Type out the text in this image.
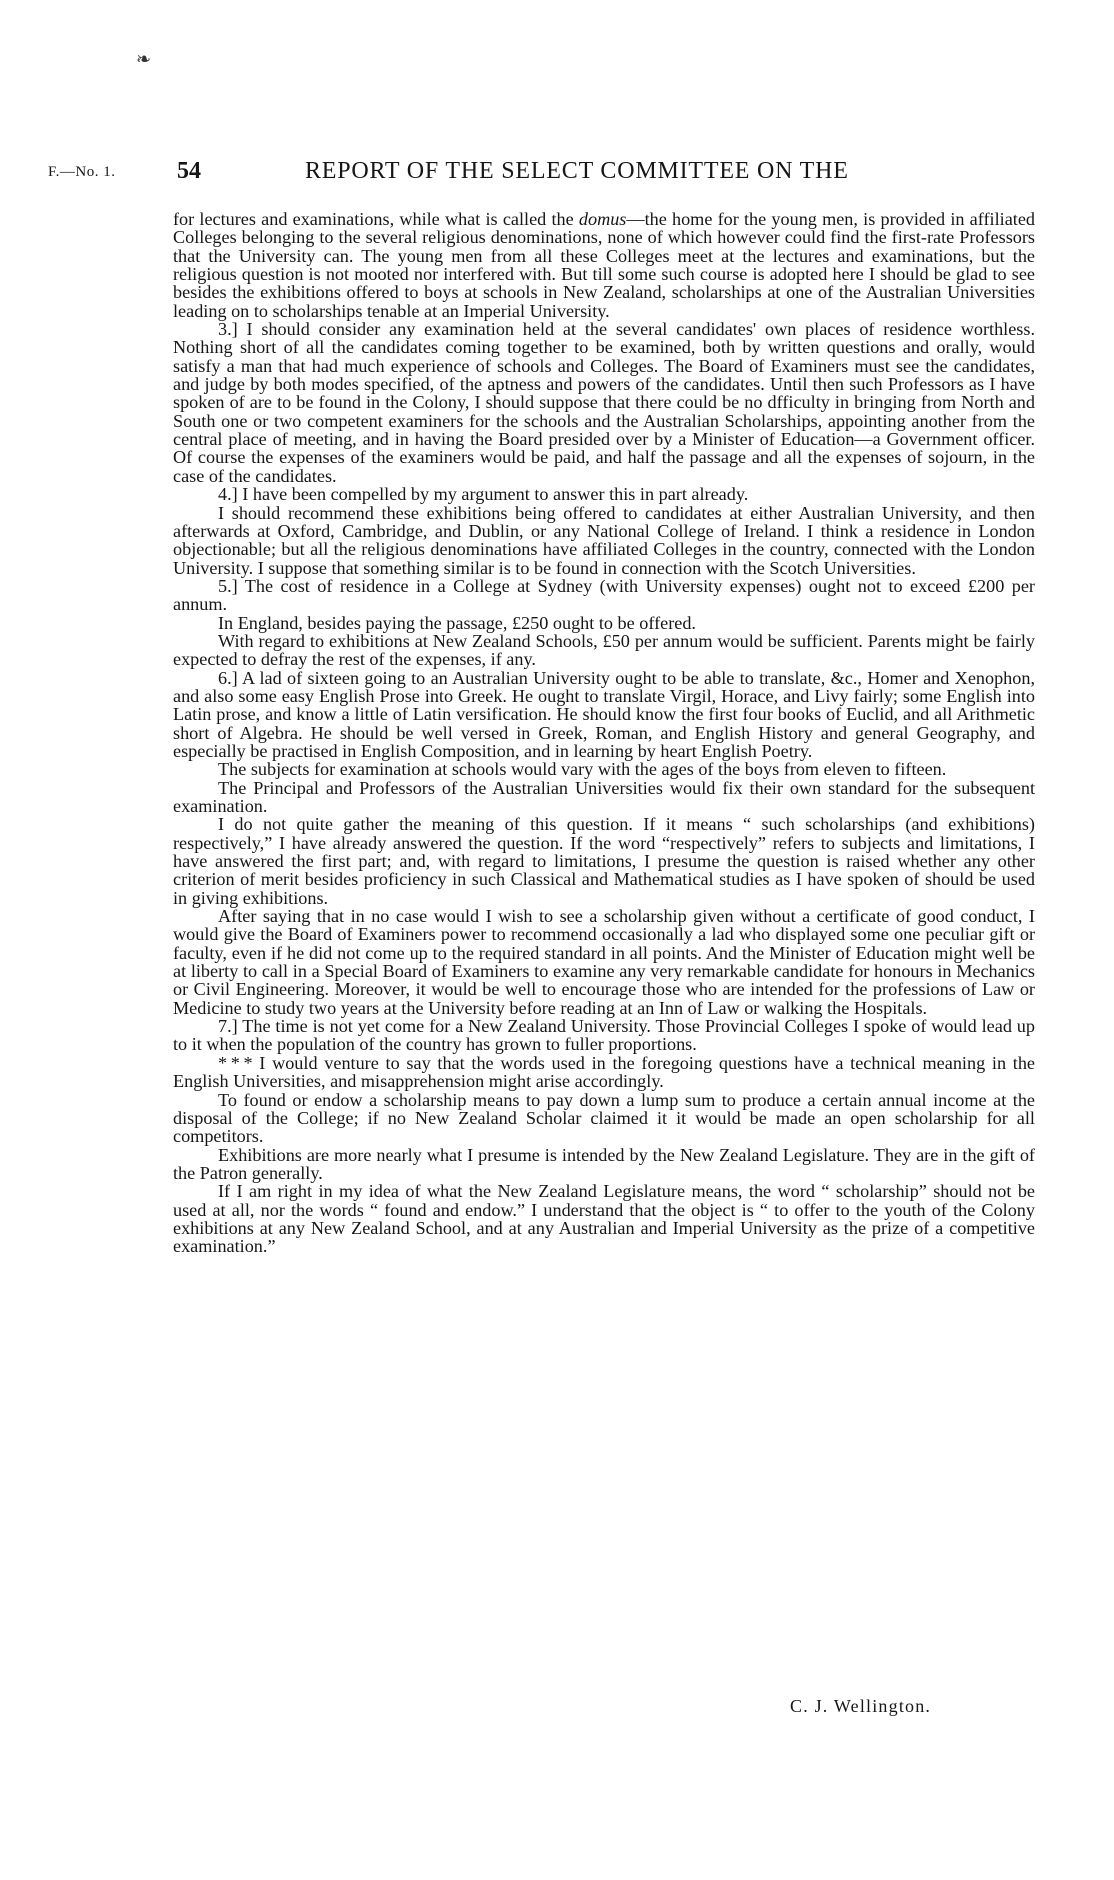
❧
F.—No. 1.	54	REPORT OF THE SELECT COMMITTEE ON THE

for lectures and examinations, while what is called the domus—the home for the young men, is provided in affiliated Colleges belonging to the several religious denominations, none of which however could find the first-rate Professors that the University can. The young men from all these Colleges meet at the lectures and examinations, but the religious question is not mooted nor interfered with. But till some such course is adopted here I should be glad to see besides the exhibitions offered to boys at schools in New Zealand, scholarships at one of the Australian Universities leading on to scholarships tenable at an Imperial University.

3.] I should consider any examination held at the several candidates' own places of residence worthless. Nothing short of all the candidates coming together to be examined, both by written questions and orally, would satisfy a man that had much experience of schools and Colleges. The Board of Examiners must see the candidates, and judge by both modes specified, of the aptness and powers of the candidates. Until then such Professors as I have spoken of are to be found in the Colony, I should suppose that there could be no dfficulty in bringing from North and South one or two competent examiners for the schools and the Australian Scholarships, appointing another from the central place of meeting, and in having the Board presided over by a Minister of Education—a Government officer. Of course the expenses of the examiners would be paid, and half the passage and all the expenses of sojourn, in the case of the candidates.

4.] I have been compelled by my argument to answer this in part already.

I should recommend these exhibitions being offered to candidates at either Australian University, and then afterwards at Oxford, Cambridge, and Dublin, or any National College of Ireland. I think a residence in London objectionable; but all the religious denominations have affiliated Colleges in the country, connected with the London University. I suppose that something similar is to be found in connection with the Scotch Universities.

5.] The cost of residence in a College at Sydney (with University expenses) ought not to exceed £200 per annum.

In England, besides paying the passage, £250 ought to be offered.

With regard to exhibitions at New Zealand Schools, £50 per annum would be sufficient. Parents might be fairly expected to defray the rest of the expenses, if any.

6.] A lad of sixteen going to an Australian University ought to be able to translate, &c., Homer and Xenophon, and also some easy English Prose into Greek. He ought to translate Virgil, Horace, and Livy fairly; some English into Latin prose, and know a little of Latin versification. He should know the first four books of Euclid, and all Arithmetic short of Algebra. He should be well versed in Greek, Roman, and English History and general Geography, and especially be practised in English Composition, and in learning by heart English Poetry.

The subjects for examination at schools would vary with the ages of the boys from eleven to fifteen.

The Principal and Professors of the Australian Universities would fix their own standard for the subsequent examination.

I do not quite gather the meaning of this question. If it means “ such scholarships (and exhibitions) respectively,” I have already answered the question. If the word “respectively” refers to subjects and limitations, I have answered the first part; and, with regard to limitations, I presume the question is raised whether any other criterion of merit besides proficiency in such Classical and Mathematical studies as I have spoken of should be used in giving exhibitions.

After saying that in no case would I wish to see a scholarship given without a certificate of good conduct, I would give the Board of Examiners power to recommend occasionally a lad who displayed some one peculiar gift or faculty, even if he did not come up to the required standard in all points. And the Minister of Education might well be at liberty to call in a Special Board of Examiners to examine any very remarkable candidate for honours in Mechanics or Civil Engineering. Moreover, it would be well to encourage those who are intended for the professions of Law or Medicine to study two years at the University before reading at an Inn of Law or walking the Hospitals.

7.] The time is not yet come for a New Zealand University. Those Provincial Colleges I spoke of would lead up to it when the population of the country has grown to fuller proportions.

* * * I would venture to say that the words used in the foregoing questions have a technical meaning in the English Universities, and misapprehension might arise accordingly.

To found or endow a scholarship means to pay down a lump sum to produce a certain annual income at the disposal of the College; if no New Zealand Scholar claimed it it would be made an open scholarship for all competitors.

Exhibitions are more nearly what I presume is intended by the New Zealand Legislature. They are in the gift of the Patron generally.

If I am right in my idea of what the New Zealand Legislature means, the word “ scholarship” should not be used at all, nor the words “ found and endow.” I understand that the object is “ to offer to the youth of the Colony exhibitions at any New Zealand School, and at any Australian and Imperial University as the prize of a competitive examination.”

C. J. Wellington.
